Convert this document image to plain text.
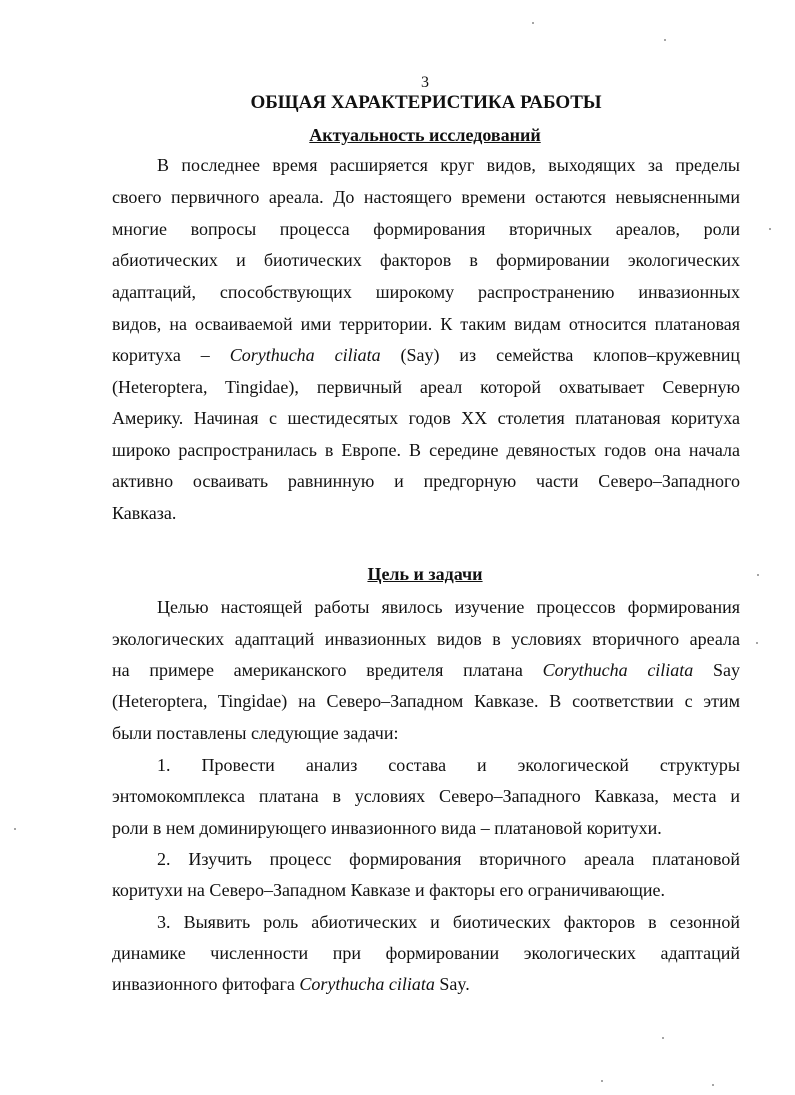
3
ОБЩАЯ ХАРАКТЕРИСТИКА РАБОТЫ
Актуальность исследований
В последнее время расширяется круг видов, выходящих за пределы
своего первичного ареала. До настоящего времени остаются невыясненными
многие вопросы процесса формирования вторичных ареалов, роли
абиотических и биотических факторов в формировании экологических
адаптаций, способствующих широкому распространению инвазионных
видов, на осваиваемой ими территории. К таким видам относится платановая
коритуха – Corythucha ciliata (Say) из семейства клопов–кружевниц
(Heteroptera, Tingidae), первичный ареал которой охватывает Северную
Америку. Начиная с шестидесятых годов XX столетия платановая коритуха
широко распространилась в Европе. В середине девяностых годов она начала
активно осваивать равнинную и предгорную части Северо–Западного
Кавказа.
Цель и задачи
Целью настоящей работы явилось изучение процессов формирования
экологических адаптаций инвазионных видов в условиях вторичного ареала
на примере американского вредителя платана Corythucha ciliata Say
(Heteroptera, Tingidae) на Северо–Западном Кавказе. В соответствии с этим
были поставлены следующие задачи:
1. Провести анализ состава и экологической структуры
энтомокомплекса платана в условиях Северо–Западного Кавказа, места и
роли в нем доминирующего инвазионного вида – платановой коритухи.
2. Изучить процесс формирования вторичного ареала платановой
коритухи на Северо–Западном Кавказе и факторы его ограничивающие.
3. Выявить роль абиотических и биотических факторов в сезонной
динамике численности при формировании экологических адаптаций
инвазионного фитофага Corythucha ciliata Say.
